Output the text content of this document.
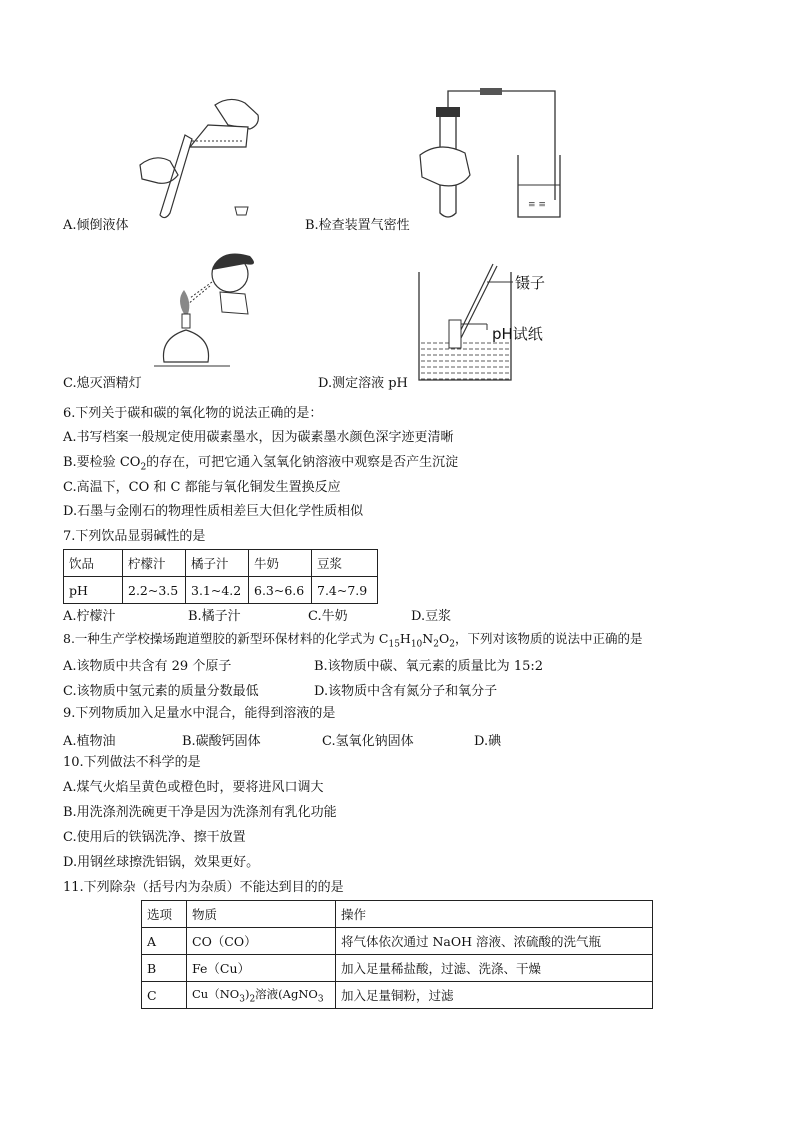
A.倾倒液体
≡ ≡
B.检查装置气密性
C.熄灭酒精灯
镊子
pH试纸
D.测定溶液 pH
6.下列关于碳和碳的氧化物的说法正确的是：
A.书写档案一般规定使用碳素墨水，因为碳素墨水颜色深字迹更清晰
B.要检验 $CO_2$的存在，可把它通入氢氧化钠溶液中观察是否产生沉淀
C.高温下，CO 和 C 都能与氧化铜发生置换反应
D.石墨与金刚石的物理性质相差巨大但化学性质相似
7.下列饮品显弱碱性的是
饮品	柠檬汁	橘子汁	牛奶	豆浆
pH	2.2~3.5	3.1~4.2	6.3~6.6	7.4~7.9
A.柠檬汁	B.橘子汁	C.牛奶	D.豆浆
8.一种生产学校操场跑道塑胶的新型环保材料的化学式为 $C_{15}H_{10}N_2O_2$，下列对该物质的说法中正确的是
A.该物质中共含有 29 个原子	B.该物质中碳、氧元素的质量比为 15:2
C.该物质中氢元素的质量分数最低	D.该物质中含有氮分子和氧分子
9.下列物质加入足量水中混合，能得到溶液的是
A.植物油	B.碳酸钙固体	C.氢氧化钠固体	D.碘
10.下列做法不科学的是
A.煤气火焰呈黄色或橙色时，要将进风口调大
B.用洗涤剂洗碗更干净是因为洗涤剂有乳化功能
C.使用后的铁锅洗净、擦干放置
D.用钢丝球擦洗铝锅，效果更好。
11.下列除杂（括号内为杂质）不能达到目的的是
选项	物质	操作
A	CO（CO）	将气体依次通过 NaOH 溶液、浓硫酸的洗气瓶
B	Fe（Cu）	加入足量稀盐酸，过滤、洗涤、干燥
C	$Cu(NO_3)_2$溶液(AgNO$_3$	加入足量铜粉，过滤
